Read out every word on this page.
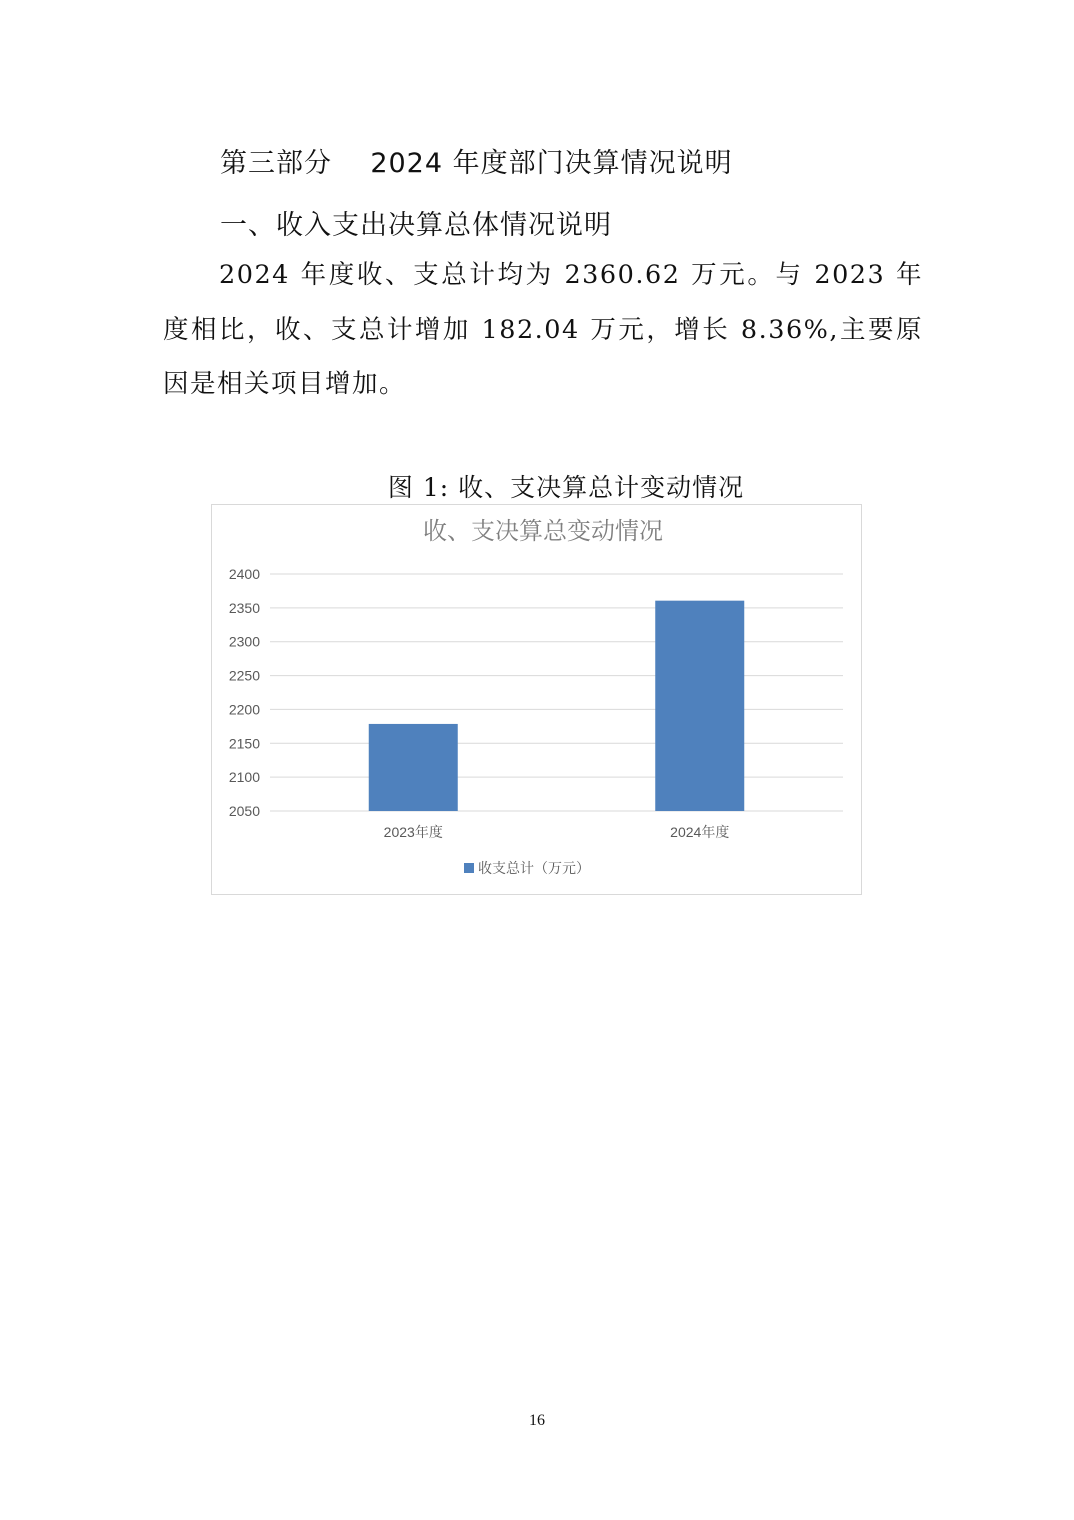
第三部分    2024 年度部门决算情况说明
一、收入支出决算总体情况说明

2024 年度收、支总计均为 2360.62 万元。与 2023 年度相比，收、支总计增加 182.04 万元，增长 8.36%,主要原因是相关项目增加。

图 1: 收、支决算总计变动情况
收、支决算总变动情况
2050
2100
2150
2200
2250
2300
2350
2400
2023年度	2024年度
收支总计（万元）
16
